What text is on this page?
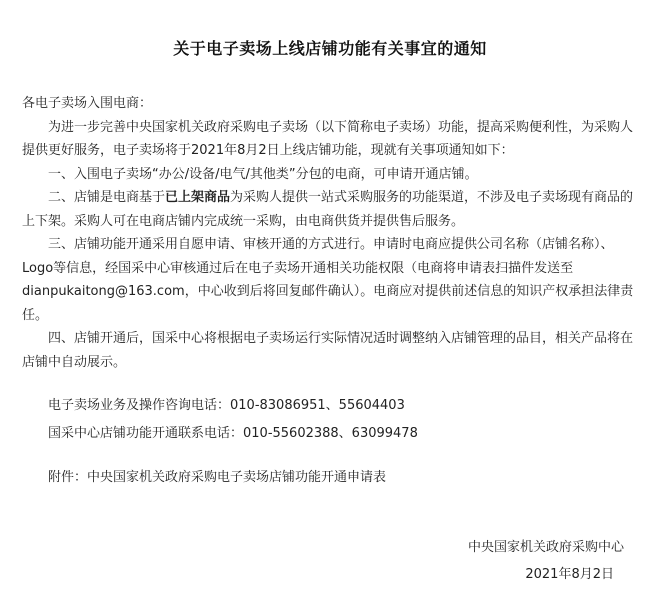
关于电子卖场上线店铺功能有关事宜的通知

各电子卖场入围电商：

为进一步完善中央国家机关政府采购电子卖场（以下简称电子卖场）功能，提高采购便利性，为采购人提供更好服务，电子卖场将于2021年8月2日上线店铺功能，现就有关事项通知如下：

一、入围电子卖场“办公/设备/电气/其他类”分包的电商，可申请开通店铺。

二、店铺是电商基于已上架商品为采购人提供一站式采购服务的功能渠道，不涉及电子卖场现有商品的上下架。采购人可在电商店铺内完成统一采购，由电商供货并提供售后服务。

三、店铺功能开通采用自愿申请、审核开通的方式进行。申请时电商应提供公司名称（店铺名称）、Logo等信息，经国采中心审核通过后在电子卖场开通相关功能权限（电商将申请表扫描件发送至dianpukaitong@163.com，中心收到后将回复邮件确认）。电商应对提供前述信息的知识产权承担法律责任。

四、店铺开通后，国采中心将根据电子卖场运行实际情况适时调整纳入店铺管理的品目，相关产品将在店铺中自动展示。

电子卖场业务及操作咨询电话：010-83086951、55604403

国采中心店铺功能开通联系电话：010-55602388、63099478

附件：中央国家机关政府采购电子卖场店铺功能开通申请表

中央国家机关政府采购中心
2021年8月2日
